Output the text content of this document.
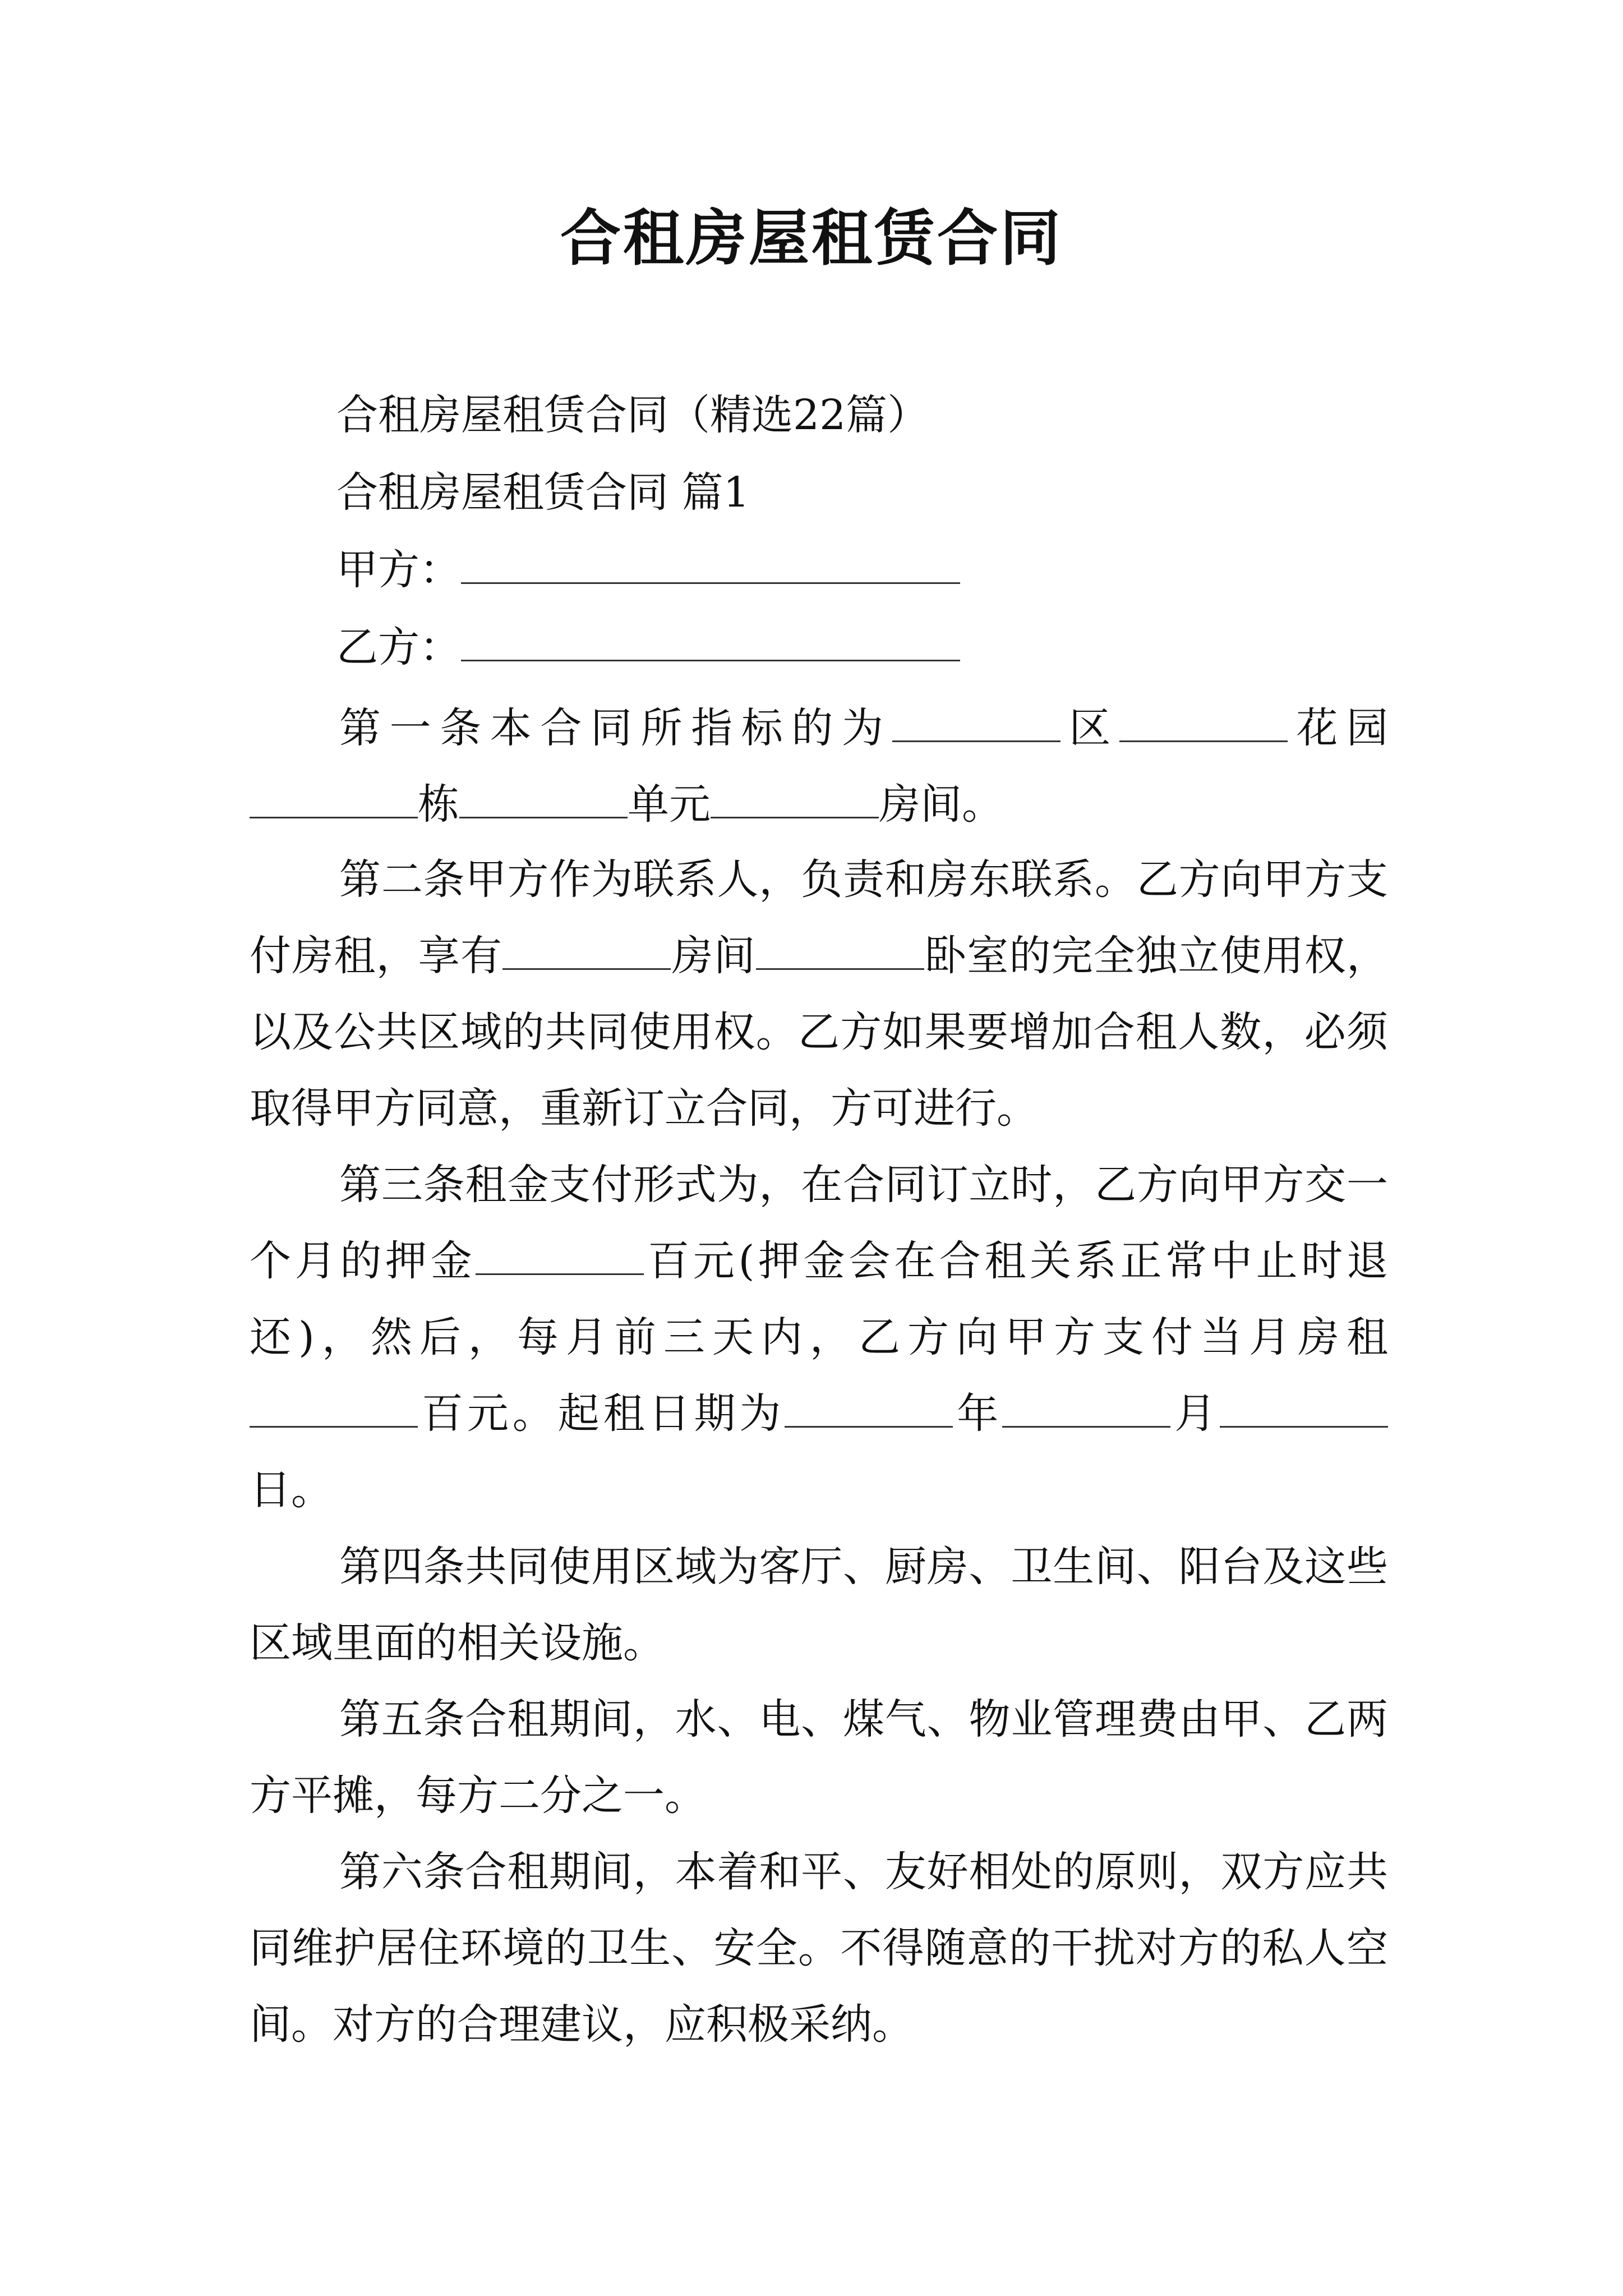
合租房屋租赁合同
合租房屋租赁合同（精选22篇）
合租房屋租赁合同 篇1
甲方：
乙方：
第一条本合同所指标的为	区	花园栋	单元	房间。
第二条甲方作为联系人，负责和房东联系。乙方向甲方支付房租，享有	房间	卧室的完全独立使用权，以及公共区域的共同使用权。乙方如果要增加合租人数，必须取得甲方同意，重新订立合同，方可进行。
第三条租金支付形式为，在合同订立时，乙方向甲方交一个月的押金	百元(押金会在合租关系正常中止时退还)，然后，每月前三天内，乙方向甲方支付当月房租百元。起租日期为	年	月日。
第四条共同使用区域为客厅、厨房、卫生间、阳台及这些区域里面的相关设施。
第五条合租期间，水、电、煤气、物业管理费由甲、乙两方平摊，每方二分之一。
第六条合租期间，本着和平、友好相处的原则，双方应共同维护居住环境的卫生、安全。不得随意的干扰对方的私人空间。对方的合理建议，应积极采纳。
